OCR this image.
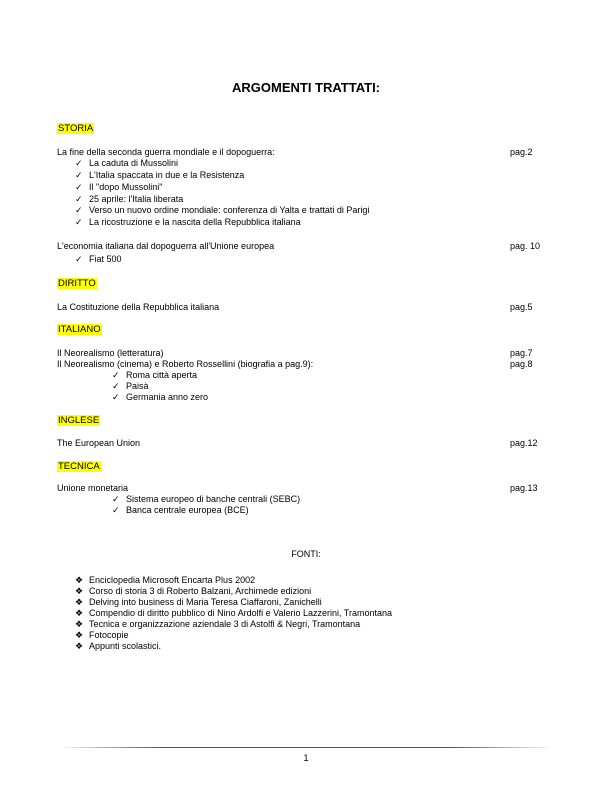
ARGOMENTI TRATTATI:
STORIA
La fine della seconda guerra mondiale e il dopoguerra:	pag.2
✓ La caduta di Mussolini
✓ L'Italia spaccata in due e la Resistenza
✓ Il "dopo Mussolini"
✓ 25 aprile: l'Italia liberata
✓ Verso un nuovo ordine mondiale: conferenza di Yalta e trattati di Parigi
✓ La ricostruzione e la nascita della Repubblica italiana
L'economia italiana dal dopoguerra all'Unione europea	pag. 10
✓ Fiat 500
DIRITTO
La Costituzione della Repubblica italiana	pag.5
ITALIANO
Il Neorealismo (letteratura)	pag.7
Il Neorealismo (cinema) e Roberto Rossellini (biografia a pag.9):	pag.8
✓ Roma città aperta
✓ Paisà
✓ Germania anno zero
INGLESE
The European Union	pag.12
TECNICA
Unione monetaria	pag.13
✓ Sistema europeo di banche centrali (SEBC)
✓ Banca centrale europea (BCE)
FONTI:
❖ Enciclopedia Microsoft Encarta Plus 2002
❖ Corso di storia 3 di Roberto Balzani, Archimede edizioni
❖ Delving into business di Maria Teresa Ciaffaroni, Zanichelli
❖ Compendio di diritto pubblico di Nino Ardolfi e Valerio Lazzerini, Tramontana
❖ Tecnica e organizzazione aziendale 3 di Astolfi & Negri, Tramontana
❖ Fotocopie
❖ Appunti scolastici.
1
